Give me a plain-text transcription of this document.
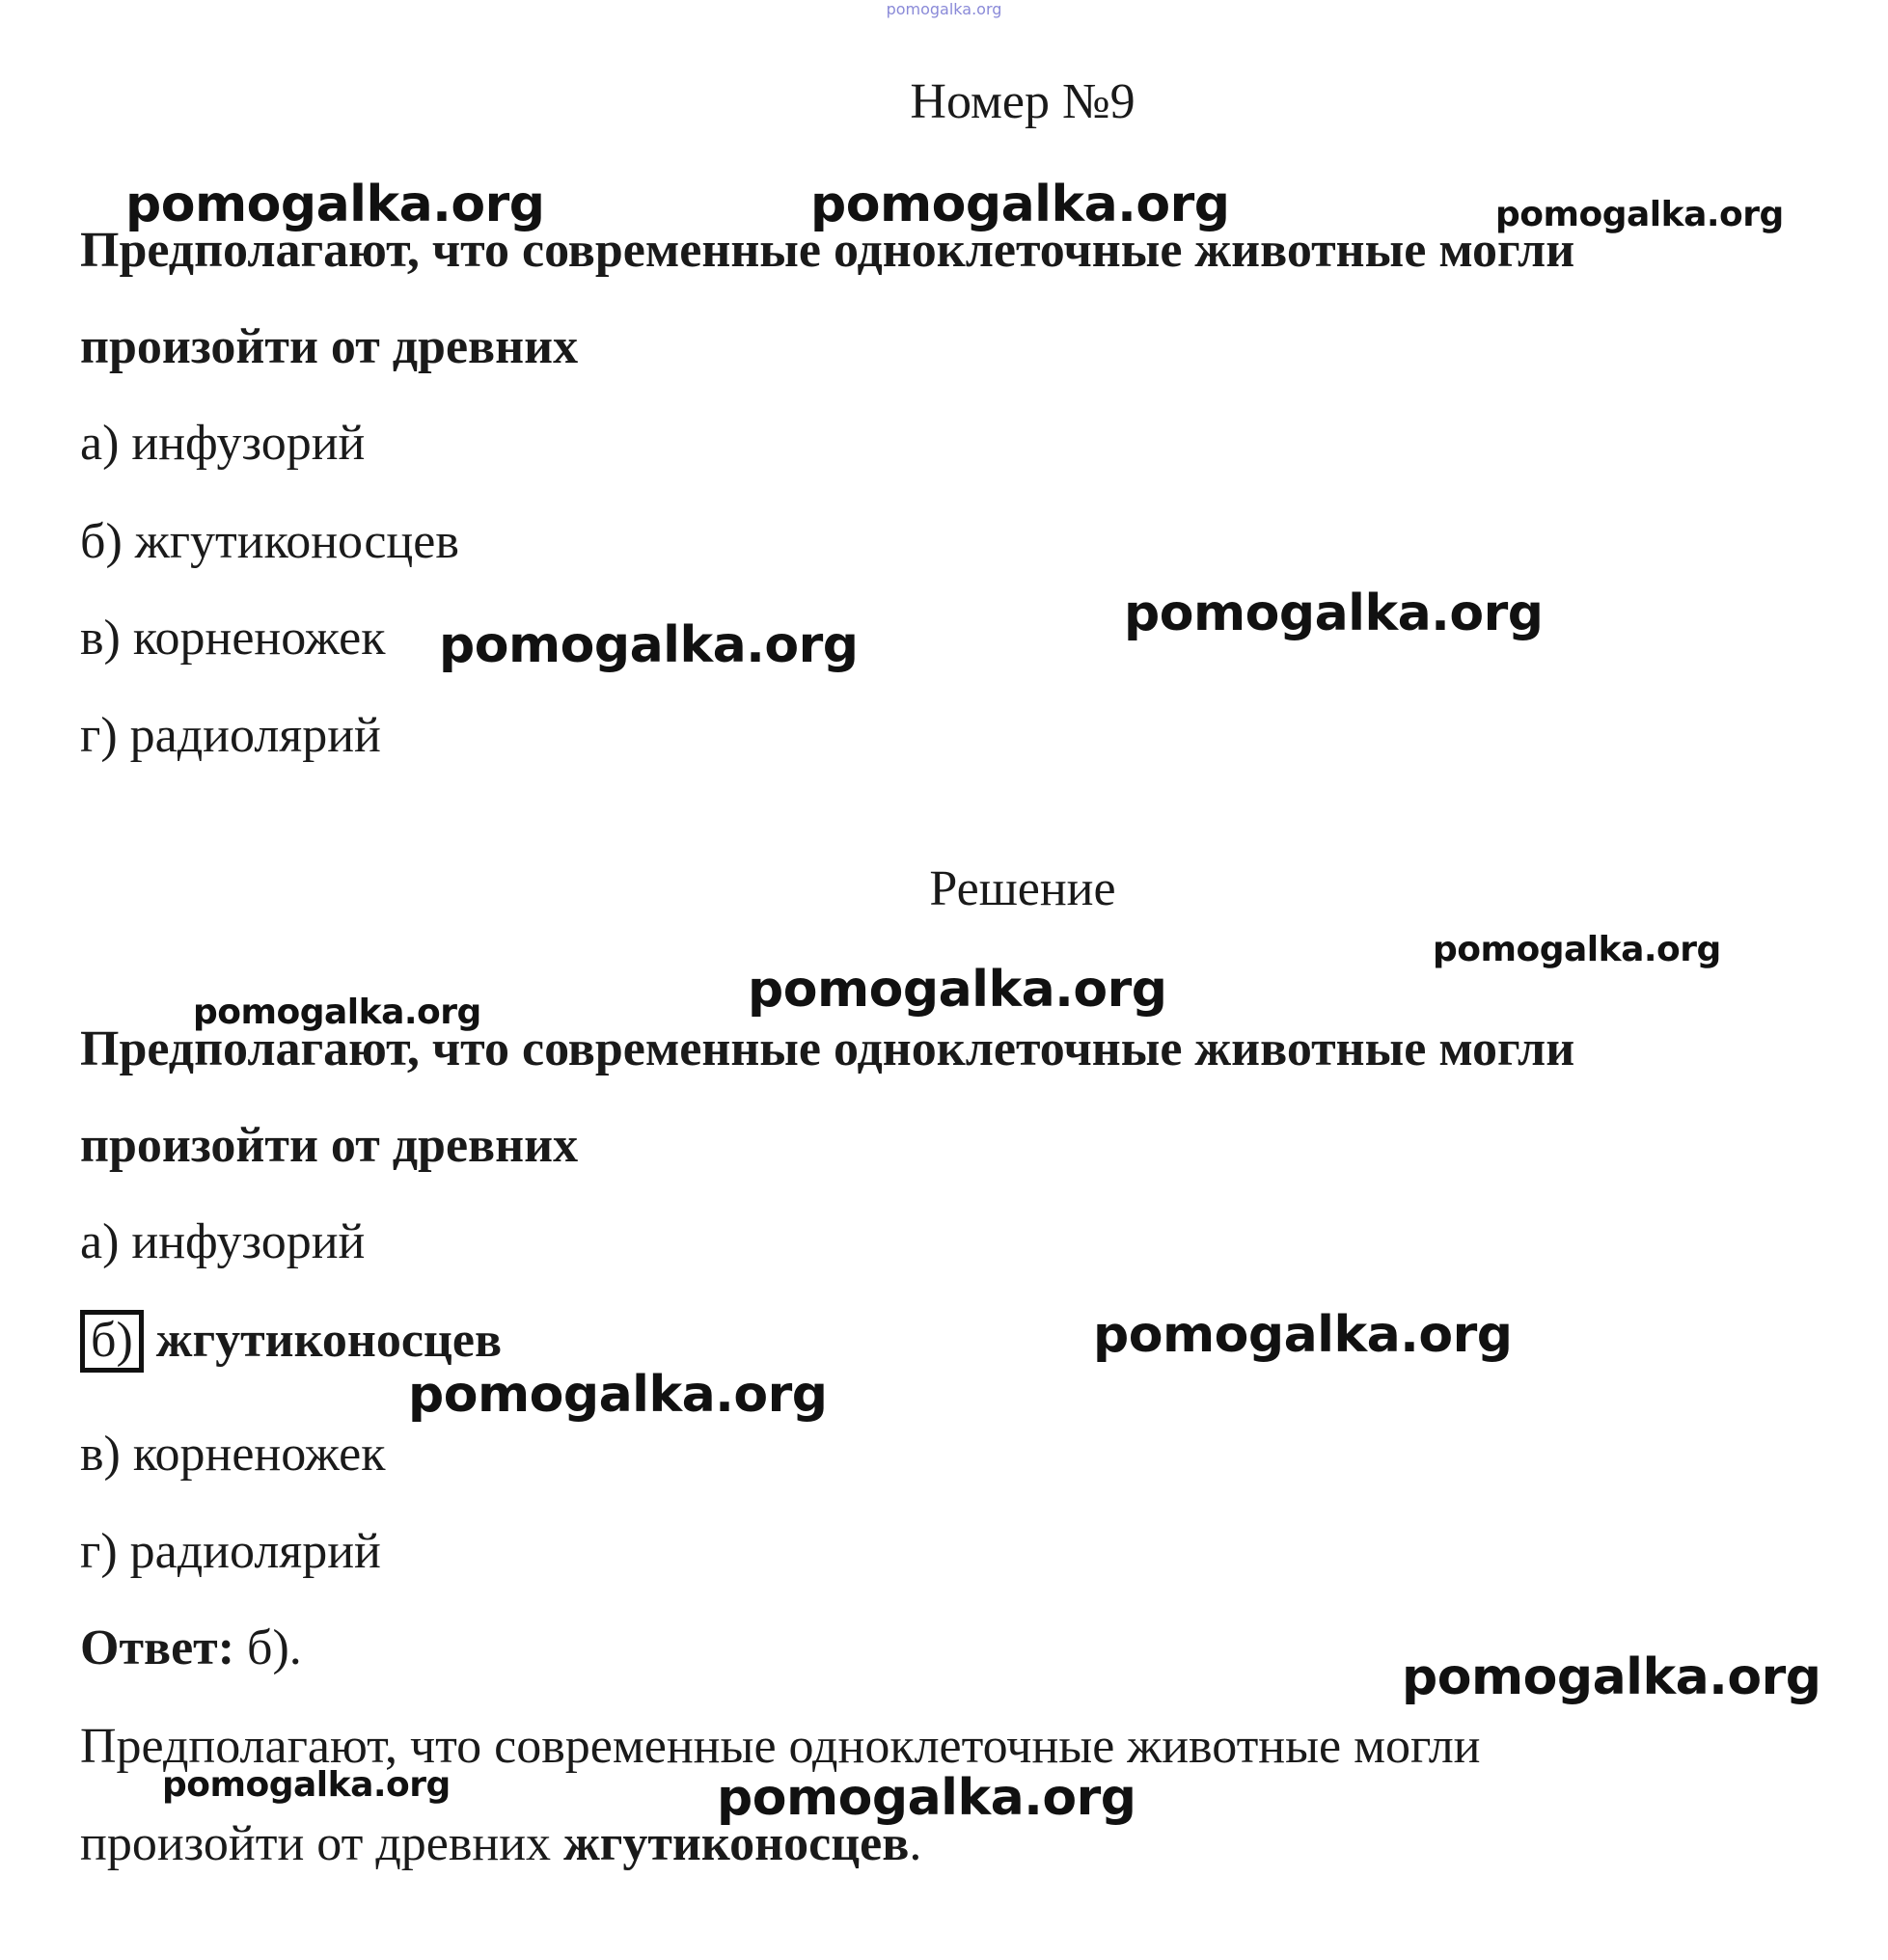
pomogalka.org
Номер №9
Предполагают, что современные одноклеточные животные могли
произойти от древних
а) инфузорий
б) жгутиконосцев
в) корненожек
г) радиолярий
Решение
Предполагают, что современные одноклеточные животные могли
произойти от древних
а) инфузорий
б) жгутиконосцев
в) корненожек
г) радиолярий
Ответ: б).
Предполагают, что современные одноклеточные животные могли
произойти от древних жгутиконосцев.
pomogalka.org	pomogalka.org	pomogalka.org
pomogalka.org
pomogalka.org
pomogalka.org
pomogalka.org
pomogalka.org
pomogalka.org
pomogalka.org
pomogalka.org
pomogalka.org	pomogalka.org
